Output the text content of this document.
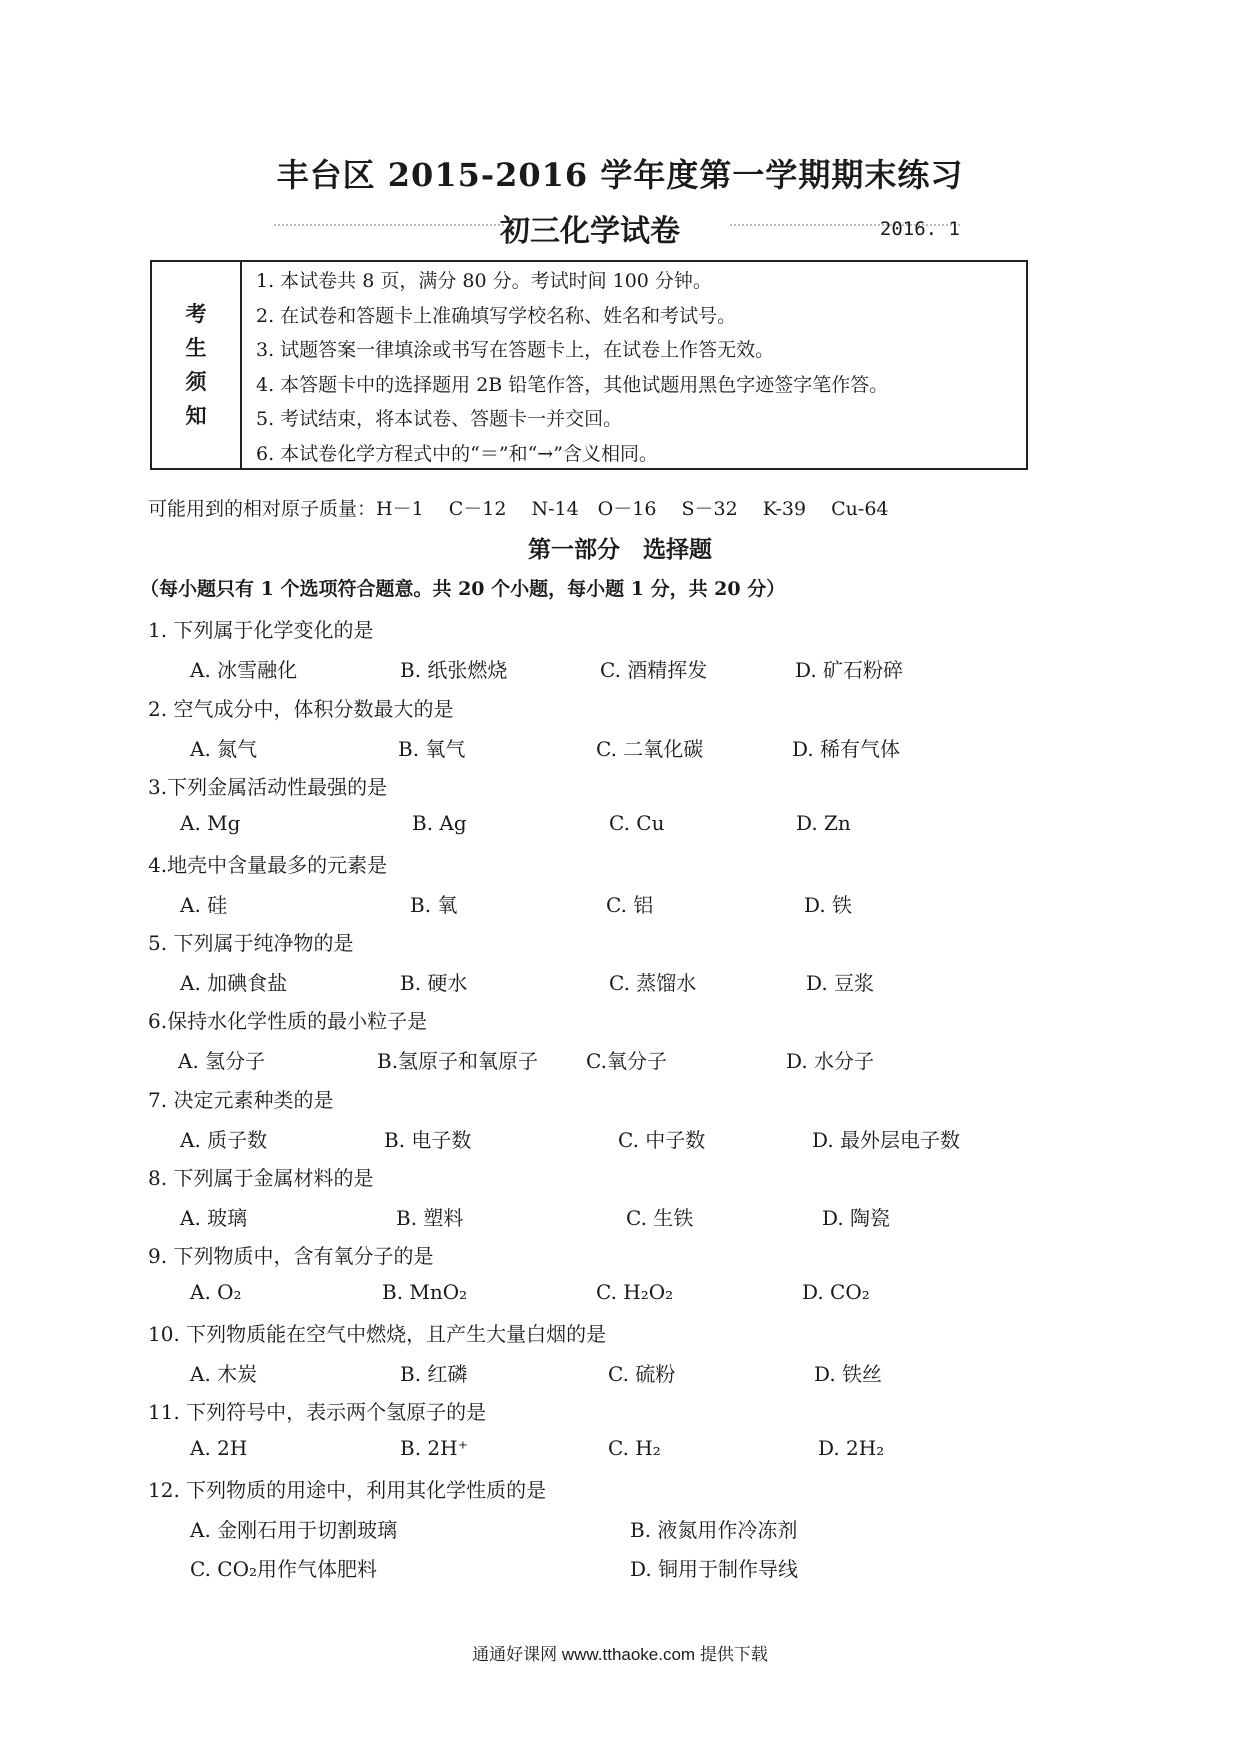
丰台区 2015-2016 学年度第一学期期末练习
初三化学试卷	2016. 1
考
生
须
知
1. 本试卷共 8 页，满分 80 分。考试时间 100 分钟。
2. 在试卷和答题卡上准确填写学校名称、姓名和考试号。
3. 试题答案一律填涂或书写在答题卡上，在试卷上作答无效。
4. 本答题卡中的选择题用 2B 铅笔作答，其他试题用黑色字迹签字笔作答。
5. 考试结束，将本试卷、答题卡一并交回。
6. 本试卷化学方程式中的“＝”和“→”含义相同。
可能用到的相对原子质量：H－1　 C－12　 N-14　O－16　 S－32　 K-39　 Cu-64
第一部分　选择题
（每小题只有 1 个选项符合题意。共 20 个小题，每小题 1 分，共 20 分）
1. 下列属于化学变化的是
A. 冰雪融化	B. 纸张燃烧	C. 酒精挥发	D. 矿石粉碎
2. 空气成分中，体积分数最大的是
A. 氮气	B. 氧气	C. 二氧化碳	D. 稀有气体
3.下列金属活动性最强的是
A. Mg	B. Ag	C. Cu	D. Zn
4.地壳中含量最多的元素是
A. 硅	B. 氧	C. 铝	D. 铁
5. 下列属于纯净物的是
A. 加碘食盐	B. 硬水	C. 蒸馏水	D. 豆浆
6.保持水化学性质的最小粒子是
A. 氢分子	B.氢原子和氧原子 C.氧分子	D. 水分子
7. 决定元素种类的是
A. 质子数	B. 电子数	C. 中子数	D. 最外层电子数
8. 下列属于金属材料的是
A. 玻璃	B. 塑料	C. 生铁	D. 陶瓷
9. 下列物质中，含有氧分子的是
A. O₂	B. MnO₂	C. H₂O₂	D. CO₂
10. 下列物质能在空气中燃烧，且产生大量白烟的是
A. 木炭	B. 红磷	C. 硫粉	D. 铁丝
11. 下列符号中，表示两个氢原子的是
A. 2H	B. 2H⁺	C. H₂	D. 2H₂
12. 下列物质的用途中，利用其化学性质的是
A. 金刚石用于切割玻璃	B. 液氮用作冷冻剂
C. CO₂用作气体肥料	D. 铜用于制作导线
通通好课网 www.tthaoke.com 提供下载
